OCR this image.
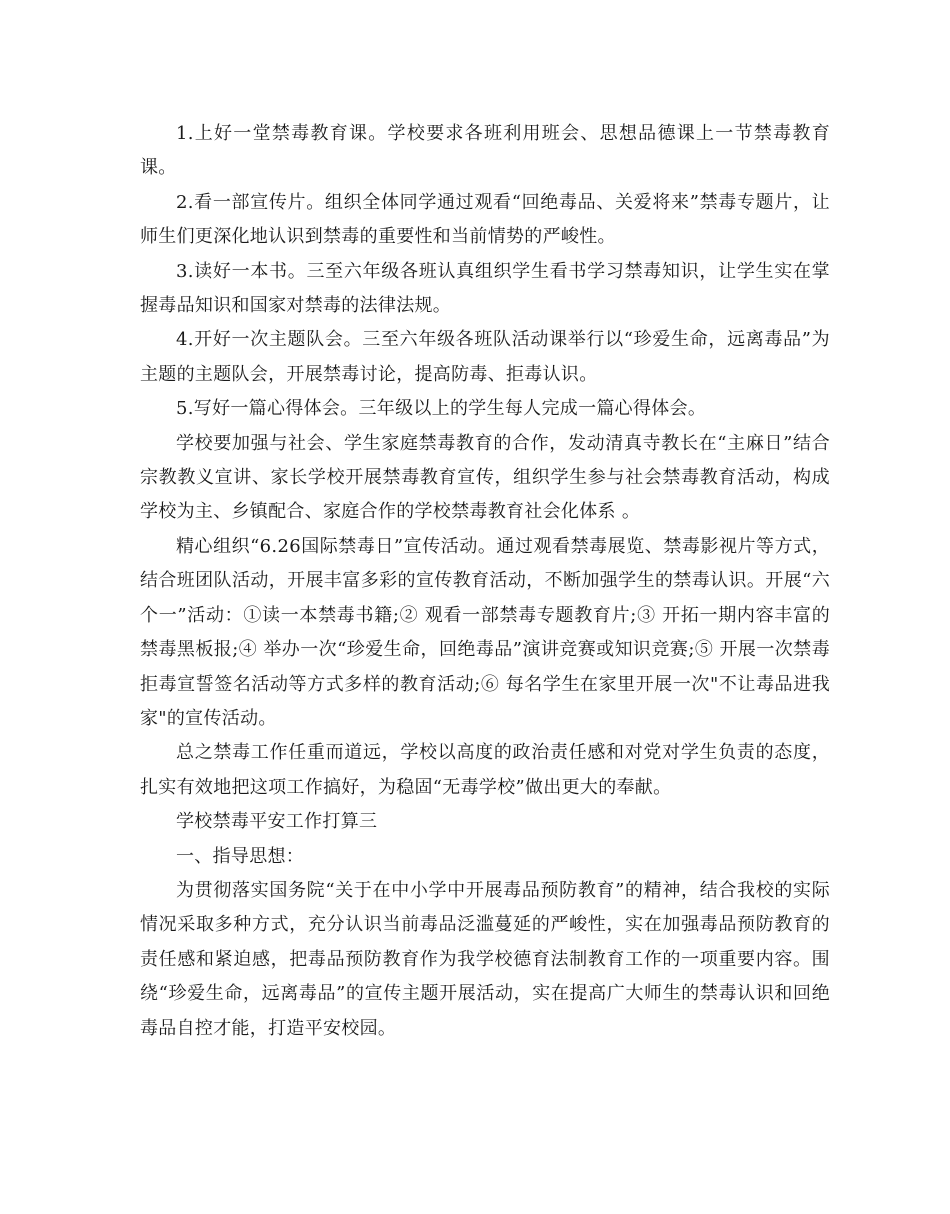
1.上好一堂禁毒教育课。学校要求各班利用班会、思想品德课上一节禁毒教育课。

2.看一部宣传片。组织全体同学通过观看“回绝毒品、关爱将来”禁毒专题片，让师生们更深化地认识到禁毒的重要性和当前情势的严峻性。

3.读好一本书。三至六年级各班认真组织学生看书学习禁毒知识，让学生实在掌握毒品知识和国家对禁毒的法律法规。

4.开好一次主题队会。三至六年级各班队活动课举行以“珍爱生命，远离毒品”为主题的主题队会，开展禁毒讨论，提高防毒、拒毒认识。

5.写好一篇心得体会。三年级以上的学生每人完成一篇心得体会。

学校要加强与社会、学生家庭禁毒教育的合作，发动清真寺教长在“主麻日”结合宗教教义宣讲、家长学校开展禁毒教育宣传，组织学生参与社会禁毒教育活动，构成学校为主、乡镇配合、家庭合作的学校禁毒教育社会化体系 。

精心组织“6.26国际禁毒日”宣传活动。通过观看禁毒展览、禁毒影视片等方式，结合班团队活动，开展丰富多彩的宣传教育活动，不断加强学生的禁毒认识。开展“六个一”活动：①读一本禁毒书籍;② 观看一部禁毒专题教育片;③ 开拓一期内容丰富的禁毒黑板报;④ 举办一次“珍爱生命，回绝毒品”演讲竞赛或知识竞赛;⑤ 开展一次禁毒拒毒宣誓签名活动等方式多样的教育活动;⑥ 每名学生在家里开展一次"不让毒品进我家"的宣传活动。

总之禁毒工作任重而道远，学校以高度的政治责任感和对党对学生负责的态度，扎实有效地把这项工作搞好，为稳固“无毒学校”做出更大的奉献。

学校禁毒平安工作打算三

一、指导思想：

为贯彻落实国务院“关于在中小学中开展毒品预防教育”的精神，结合我校的实际情况采取多种方式，充分认识当前毒品泛滥蔓延的严峻性，实在加强毒品预防教育的责任感和紧迫感，把毒品预防教育作为我学校德育法制教育工作的一项重要内容。围绕“珍爱生命，远离毒品”的宣传主题开展活动，实在提高广大师生的禁毒认识和回绝毒品自控才能，打造平安校园。
